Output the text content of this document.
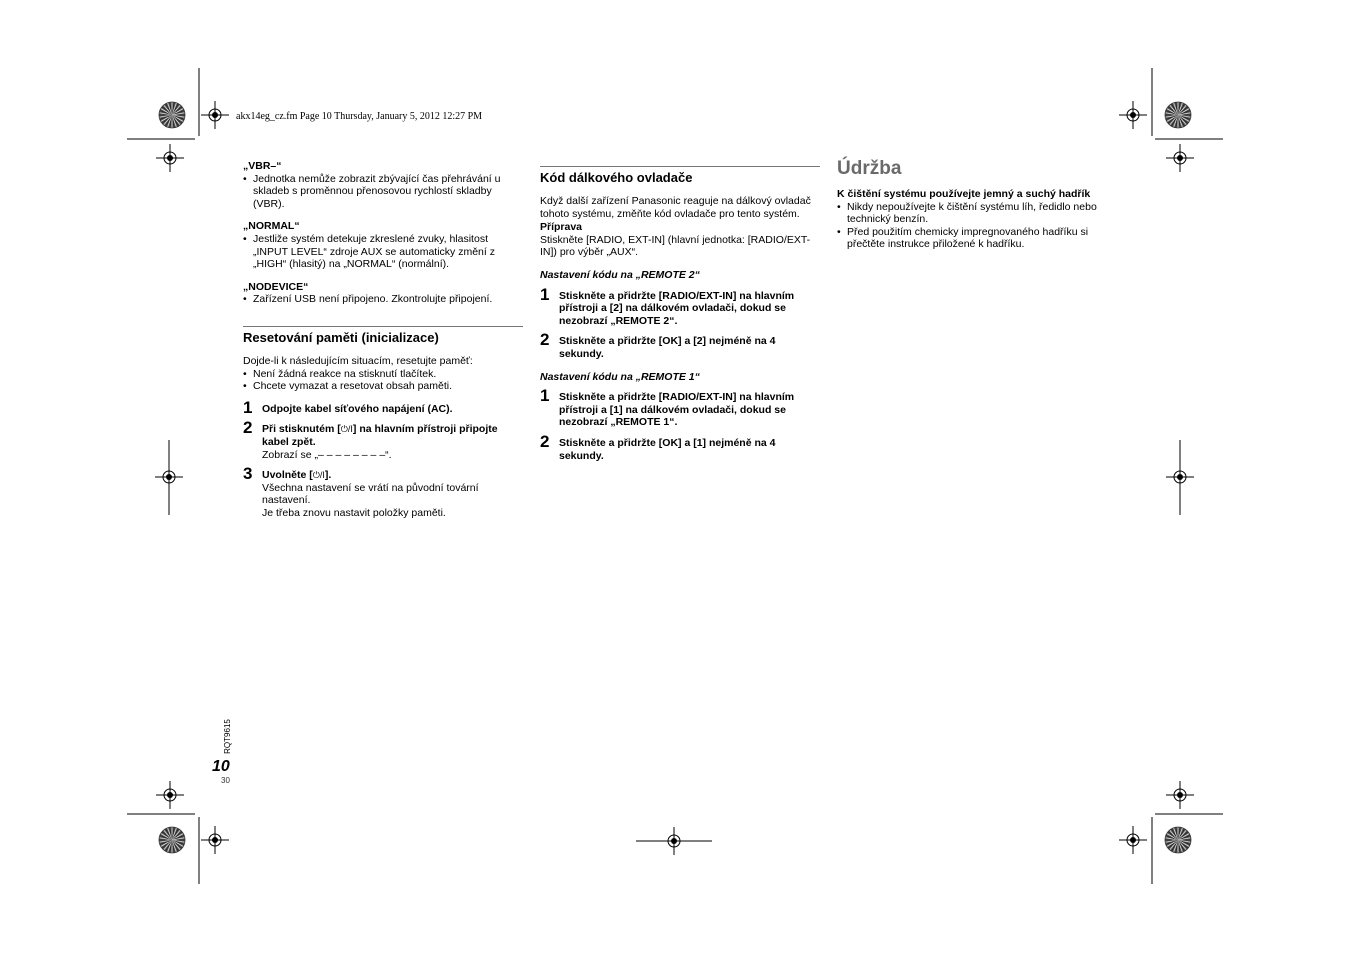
akx14eg_cz.fm Page 10 Thursday, January 5, 2012 12:27 PM
„VBR–“
• Jednotka nemůže zobrazit zbývající čas přehrávání u skladeb s proměnnou přenosovou rychlostí skladby (VBR).
„NORMAL“
• Jestliže systém detekuje zkreslené zvuky, hlasitost „INPUT LEVEL“ zdroje AUX se automaticky změní z „HIGH“ (hlasitý) na „NORMAL“ (normální).
„NODEVICE“
• Zařízení USB není připojeno. Zkontrolujte připojení.
Resetování paměti (inicializace)
Dojde-li k následujícím situacím, resetujte paměť:
• Není žádná reakce na stisknutí tlačítek.
• Chcete vymazat a resetovat obsah paměti.
1 Odpojte kabel síťového napájení (AC).
2 Při stisknutém [⏻/I] na hlavním přístroji připojte kabel zpět.
Zobrazí se „– – – – – – – –“.
3 Uvolněte [⏻/I].
Všechna nastavení se vrátí na původní tovární nastavení.
Je třeba znovu nastavit položky paměti.
Kód dálkového ovladače
Když další zařízení Panasonic reaguje na dálkový ovladač tohoto systému, změňte kód ovladače pro tento systém.
Příprava
Stiskněte [RADIO, EXT-IN] (hlavní jednotka: [RADIO/EXT-IN]) pro výběr „AUX“.
Nastavení kódu na „REMOTE 2“
1 Stiskněte a přidržte [RADIO/EXT-IN] na hlavním přístroji a [2] na dálkovém ovladači, dokud se nezobrazí „REMOTE 2“.
2 Stiskněte a přidržte [OK] a [2] nejméně na 4 sekundy.
Nastavení kódu na „REMOTE 1“
1 Stiskněte a přidržte [RADIO/EXT-IN] na hlavním přístroji a [1] na dálkovém ovladači, dokud se nezobrazí „REMOTE 1“.
2 Stiskněte a přidržte [OK] a [1] nejméně na 4 sekundy.
Údržba
K čištění systému používejte jemný a suchý hadřík
• Nikdy nepoužívejte k čištění systému líh, ředidlo nebo technický benzín.
• Před použitím chemicky impregnovaného hadříku si přečtěte instrukce přiložené k hadříku.
RQT9615
10
30
